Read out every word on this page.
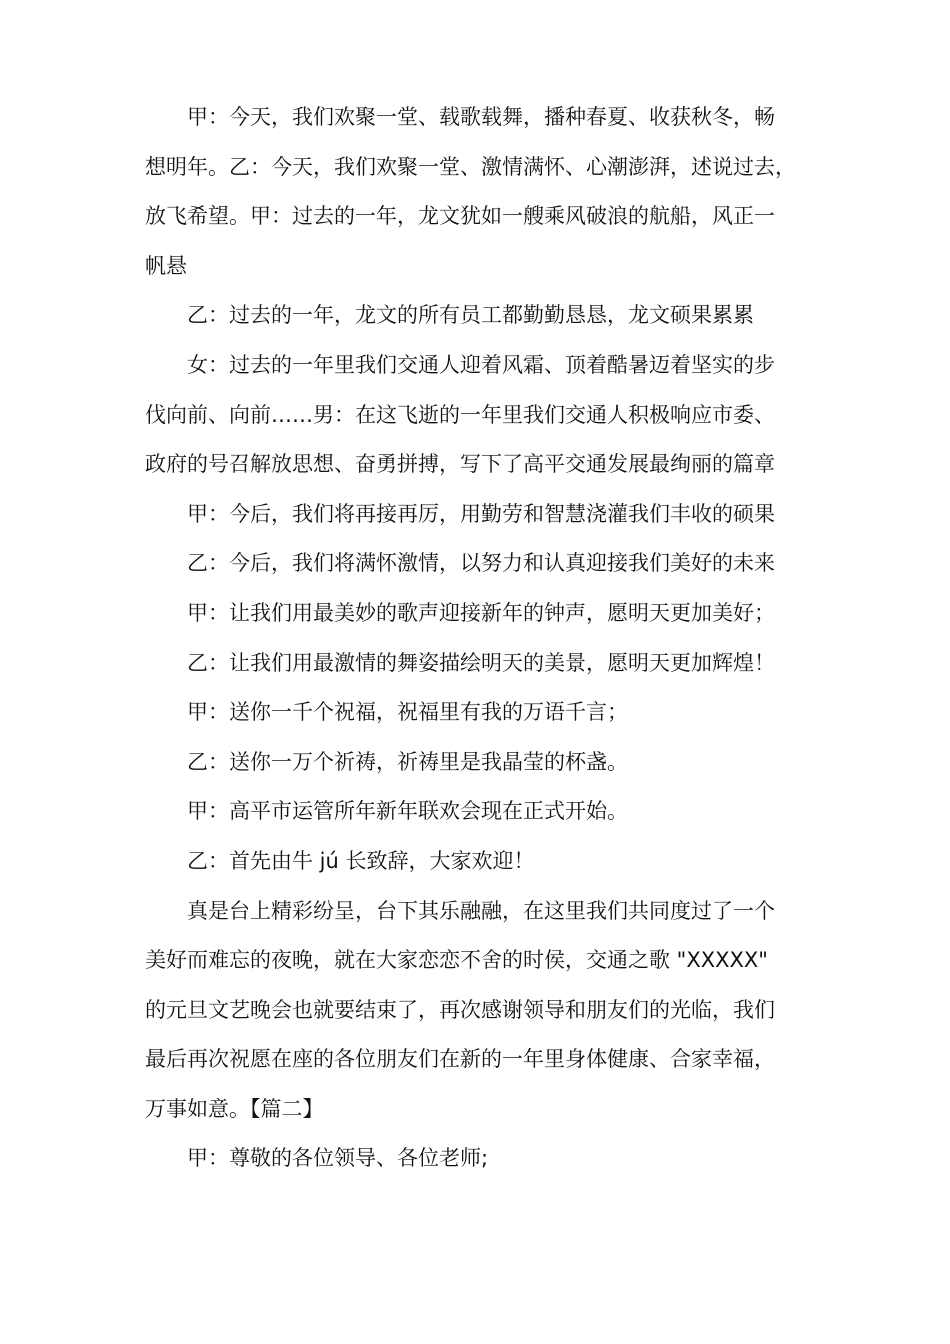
甲：今天，我们欢聚一堂、载歌载舞，播种春夏、收获秋冬，畅
想明年。乙：今天，我们欢聚一堂、激情满怀、心潮澎湃，述说过去，
放飞希望。甲：过去的一年，龙文犹如一艘乘风破浪的航船，风正一
帆悬
乙：过去的一年，龙文的所有员工都勤勤恳恳，龙文硕果累累
女：过去的一年里我们交通人迎着风霜、顶着酷暑迈着坚实的步
伐向前、向前……男：在这飞逝的一年里我们交通人积极响应市委、
政府的号召解放思想、奋勇拼搏，写下了高平交通发展最绚丽的篇章
甲：今后，我们将再接再厉，用勤劳和智慧浇灌我们丰收的硕果
乙：今后，我们将满怀激情，以努力和认真迎接我们美好的未来
甲：让我们用最美妙的歌声迎接新年的钟声，愿明天更加美好；
乙：让我们用最激情的舞姿描绘明天的美景，愿明天更加辉煌！
甲：送你一千个祝福，祝福里有我的万语千言；
乙：送你一万个祈祷，祈祷里是我晶莹的杯盏。
甲：高平市运管所年新年联欢会现在正式开始。
乙：首先由牛 jú 长致辞，大家欢迎！
真是台上精彩纷呈，台下其乐融融，在这里我们共同度过了一个
美好而难忘的夜晚，就在大家恋恋不舍的时侯，交通之歌 "XXXXX"
的元旦文艺晚会也就要结束了，再次感谢领导和朋友们的光临，我们
最后再次祝愿在座的各位朋友们在新的一年里身体健康、合家幸福，
万事如意。【篇二】
甲：尊敬的各位领导、各位老师;
